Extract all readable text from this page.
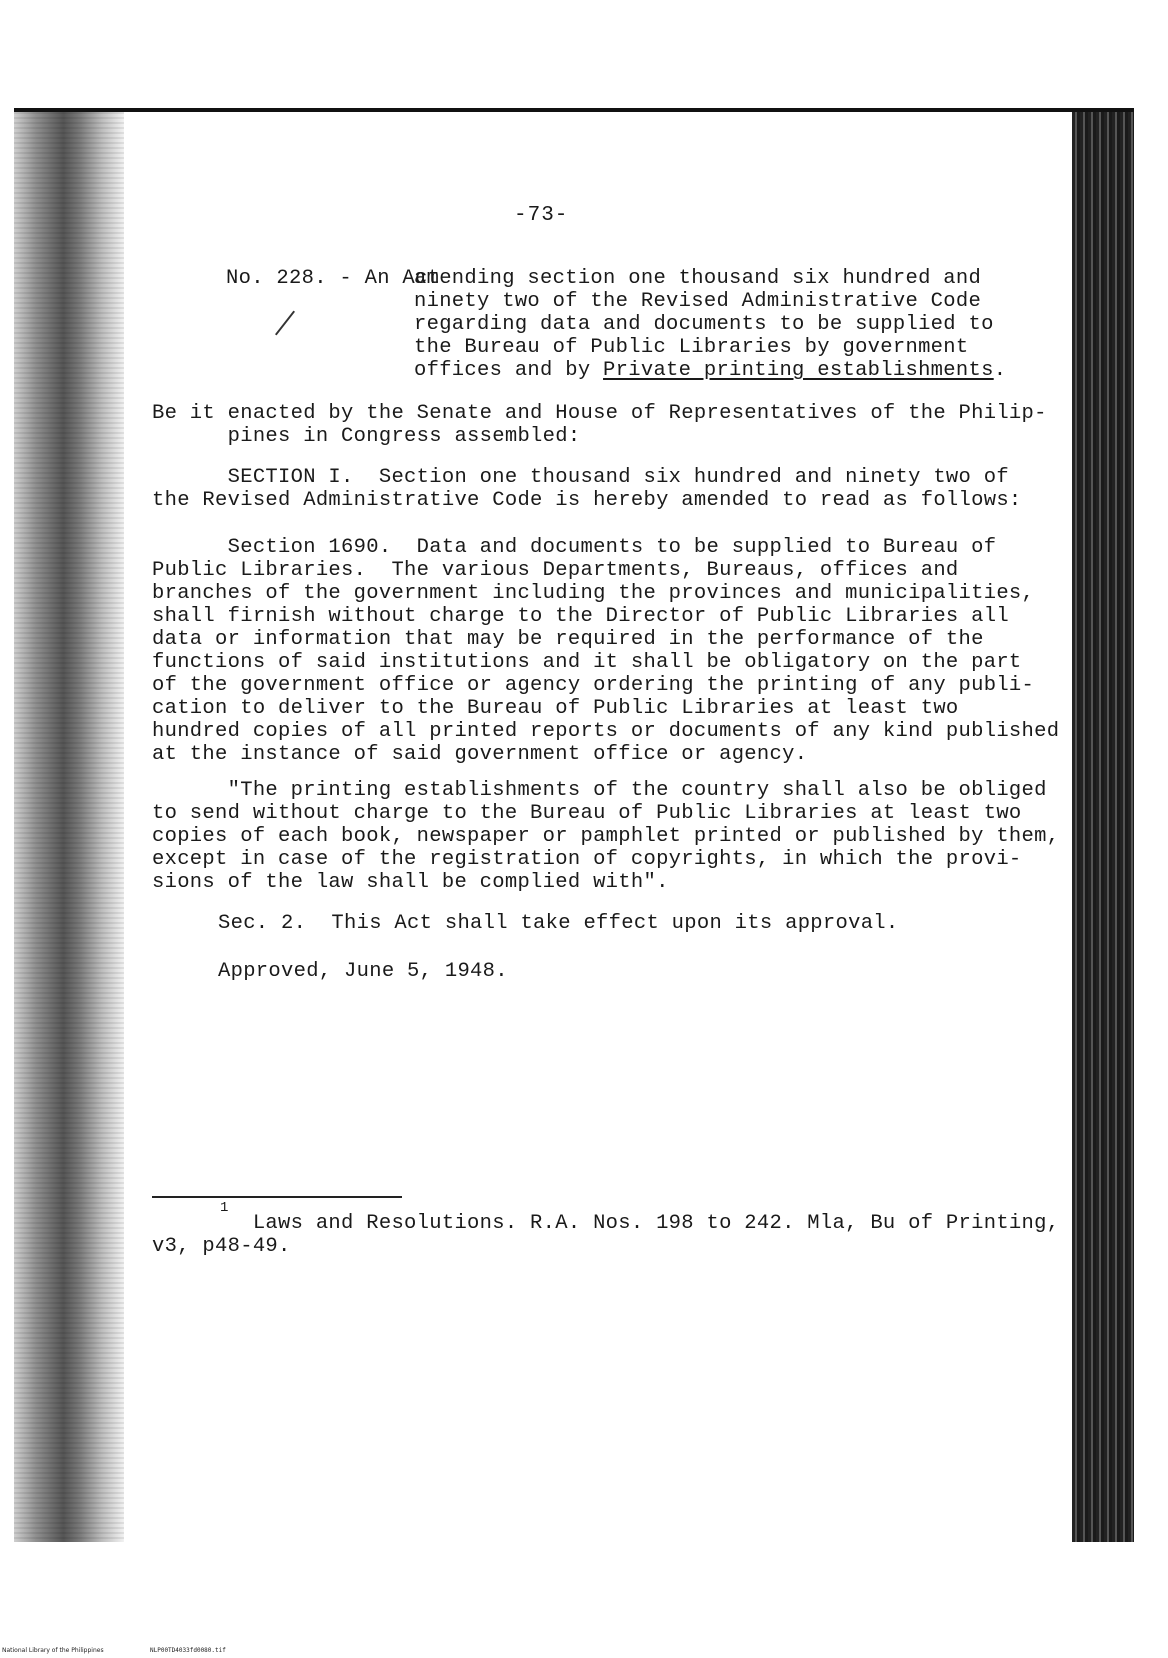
-73-
No. 228. - An Act
amending section one thousand six hundred and
ninety two of the Revised Administrative Code
regarding data and documents to be supplied to
the Bureau of Public Libraries by government
offices and by Private printing establishments.
Be it enacted by the Senate and House of Representatives of the Philip-
pines in Congress assembled:
SECTION I.  Section one thousand six hundred and ninety two of
the Revised Administrative Code is hereby amended to read as follows:
Section 1690.  Data and documents to be supplied to Bureau of
Public Libraries.  The various Departments, Bureaus, offices and
branches of the government including the provinces and municipalities,
shall firnish without charge to the Director of Public Libraries all
data or information that may be required in the performance of the
functions of said institutions and it shall be obligatory on the part
of the government office or agency ordering the printing of any publi-
cation to deliver to the Bureau of Public Libraries at least two
hundred copies of all printed reports or documents of any kind published
at the instance of said government office or agency.
"The printing establishments of the country shall also be obliged
to send without charge to the Bureau of Public Libraries at least two
copies of each book, newspaper or pamphlet printed or published by them,
except in case of the registration of copyrights, in which the provi-
sions of the law shall be complied with".
Sec. 2.  This Act shall take effect upon its approval.
Approved, June 5, 1948.
1
Laws and Resolutions. R.A. Nos. 198 to 242. Mla, Bu of Printing,
v3, p48-49.
National Library of the Philippines	NLP00TD4033fd0080.tif
